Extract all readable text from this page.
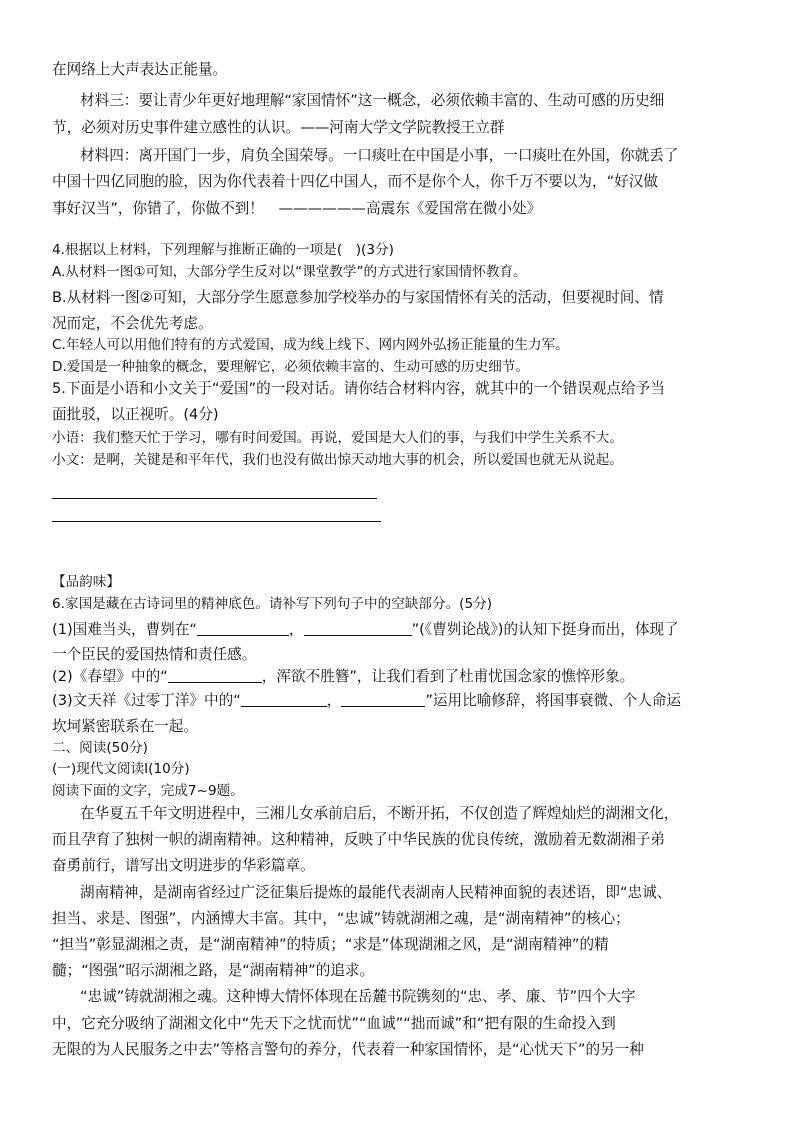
在网络上大声表达正能量。
材料三：要让青少年更好地理解“家国情怀”这一概念，必须依赖丰富的、生动可感的历史细
节，必须对历史事件建立感性的认识。——河南大学文学院教授王立群
材料四：离开国门一步，肩负全国荣辱。一口痰吐在中国是小事，一口痰吐在外国，你就丢了
中国十四亿同胞的脸，因为你代表着十四亿中国人，而不是你个人，你千万不要以为，“好汉做
事好汉当”，你错了，你做不到！　——————高震东《爱国常在微小处》
4.根据以上材料，下列理解与推断正确的一项是(　)(3分)
A.从材料一图①可知，大部分学生反对以“课堂教学”的方式进行家国情怀教育。
B.从材料一图②可知，大部分学生愿意参加学校举办的与家国情怀有关的活动，但要视时间、情
况而定，不会优先考虑。
C.年轻人可以用他们特有的方式爱国，成为线上线下、网内网外弘扬正能量的生力军。
D.爱国是一种抽象的概念，要理解它，必须依赖丰富的、生动可感的历史细节。
5.下面是小语和小文关于“爱国”的一段对话。请你结合材料内容，就其中的一个错误观点给予当
面批驳，以正视听。(4分)
小语：我们整天忙于学习，哪有时间爱国。再说，爱国是大人们的事，与我们中学生关系不大。
小文：是啊，关键是和平年代，我们也没有做出惊天动地大事的机会，所以爱国也就无从说起。
【品韵味】
6.家国是藏在古诗词里的精神底色。请补写下列句子中的空缺部分。(5分)
(1)国难当头，曹刿在“	，	”(《曹刿论战》)的认知下挺身而出，体现了
一个臣民的爱国热情和责任感。
(2)《春望》中的“	，浑欲不胜簪”，让我们看到了杜甫忧国念家的憔悴形象。
(3)文天祥《过零丁洋》中的“	，	”运用比喻修辞，将国事衰微、个人命运
坎坷紧密联系在一起。
二、阅读(50分)
(一)现代文阅读Ⅰ(10分)
阅读下面的文字，完成7~9题。
在华夏五千年文明进程中，三湘儿女承前启后，不断开拓，不仅创造了辉煌灿烂的湖湘文化，
而且孕育了独树一帜的湖南精神。这种精神，反映了中华民族的优良传统，激励着无数湖湘子弟
奋勇前行，谱写出文明进步的华彩篇章。
湖南精神，是湖南省经过广泛征集后提炼的最能代表湖南人民精神面貌的表述语，即“忠诚、
担当、求是、图强”，内涵博大丰富。其中，“忠诚”铸就湖湘之魂，是“湖南精神”的核心；
“担当”彰显湖湘之责，是“湖南精神”的特质；“求是”体现湖湘之风，是“湖南精神”的精
髓；“图强”昭示湖湘之路，是“湖南精神”的追求。
“忠诚”铸就湖湘之魂。这种博大情怀体现在岳麓书院镌刻的“忠、孝、廉、节”四个大字
中，它充分吸纳了湖湘文化中“先天下之忧而忧”“血诚”“拙而诚”和“把有限的生命投入到
无限的为人民服务之中去”等格言警句的养分，代表着一种家国情怀，是“心忧天下”的另一种
